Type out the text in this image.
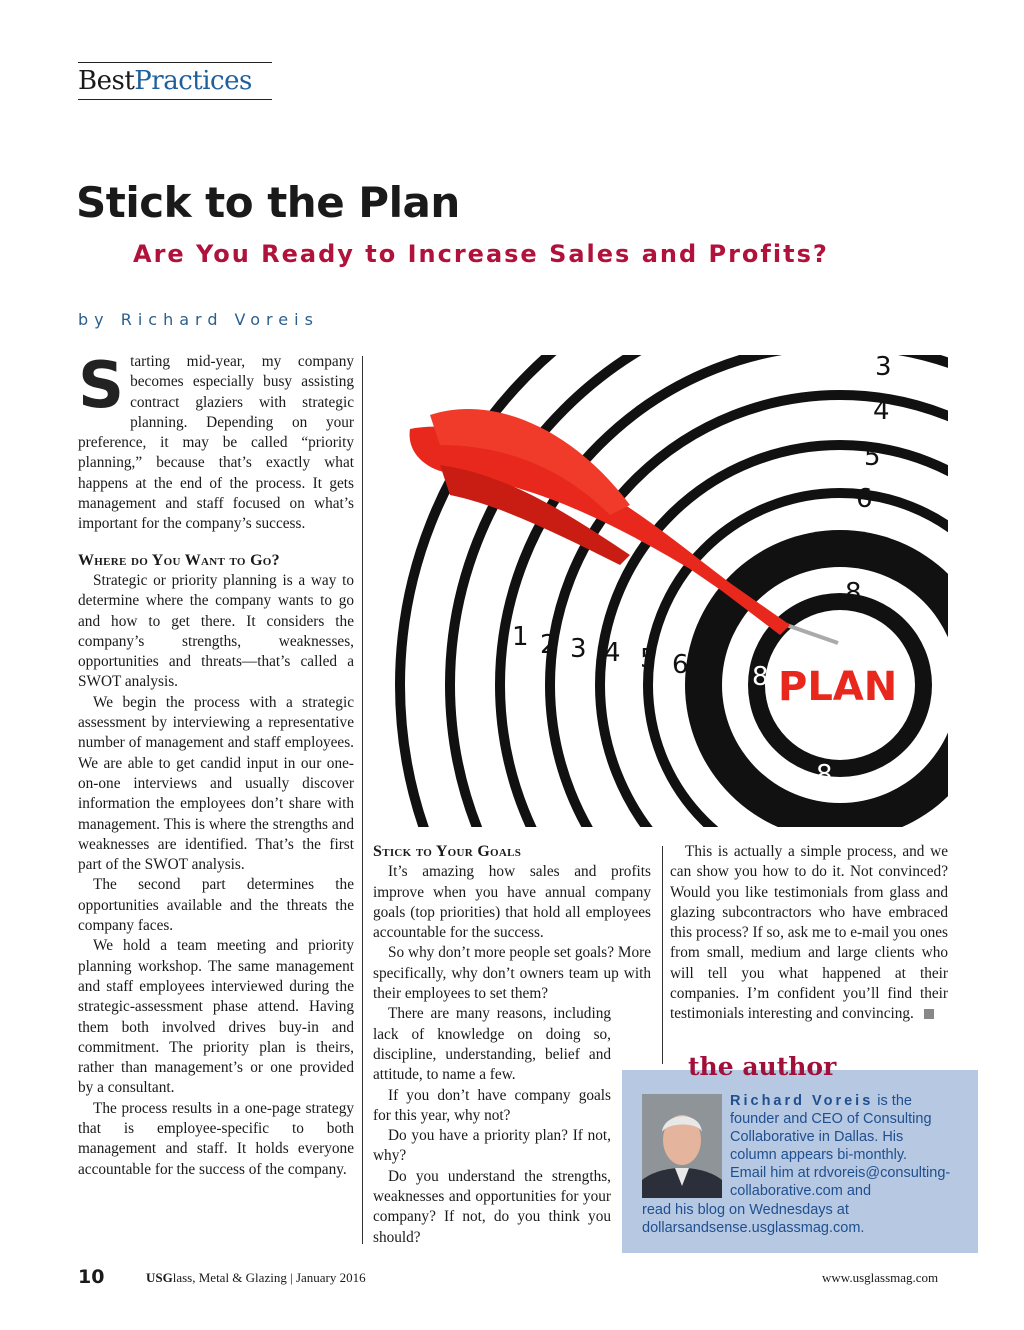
BestPractices
Stick to the Plan
Are You Ready to Increase Sales and Profits?
by Richard Voreis

Starting mid-year, my company becomes especially busy assisting contract glaziers with strategic planning. Depending on your preference, it may be called “priority planning,” because that’s exactly what happens at the end of the process. It gets management and staff focused on what’s important for the company’s success.

Where do You Want to Go?

Strategic or priority planning is a way to determine where the company wants to go and how to get there. It considers the company’s strengths, weaknesses, opportunities and threats—that’s called a SWOT analysis.

We begin the process with a strategic assessment by interviewing a representative number of management and staff employees. We are able to get candid input in our one-on-one interviews and usually discover information the employees don’t share with management. This is where the strengths and weaknesses are identified. That’s the first part of the SWOT analysis.

The second part determines the opportunities available and the threats the company faces.

We hold a team meeting and priority planning workshop. The same management and staff employees interviewed during the strategic-assessment phase attend. Having them both involved drives buy-in and commitment. The priority plan is theirs, rather than management’s or one provided by a consultant.

The process results in a one-page strategy that is employee-specific to both management and staff. It holds everyone accountable for the success of the company.

PLAN
1 2 3 4 5 6 7 8
8
8
8
7
3
4
5
6
7
Stick to Your Goals

It’s amazing how sales and profits improve when you have annual company goals (top priorities) that hold all employees accountable for the success.

So why don’t more people set goals? More specifically, why don’t owners team up with their employees to set them?

There are many reasons, including lack of knowledge on doing so, discipline, understanding, belief and attitude, to name a few.

If you don’t have company goals for this year, why not?

Do you have a priority plan? If not, why?

Do you understand the strengths, weaknesses and opportunities for your company? If not, do you think you should?

This is actually a simple process, and we can show you how to do it. Not convinced? Would you like testimonials from glass and glazing subcontractors who have embraced this process? If so, ask me to e-mail you ones from small, medium and large clients who will tell you what happened at their companies. I’m confident you’ll find their testimonials interesting and convincing.

the author
Richard Voreis is the
founder and CEO of Consulting
Collaborative in Dallas. His
column appears bi-monthly.
Email him at rdvoreis@consulting-
collaborative.com and
read his blog on Wednesdays at
dollarsandsense.usglassmag.com.
10	USGlass, Metal & Glazing | January 2016	www.usglassmag.com
